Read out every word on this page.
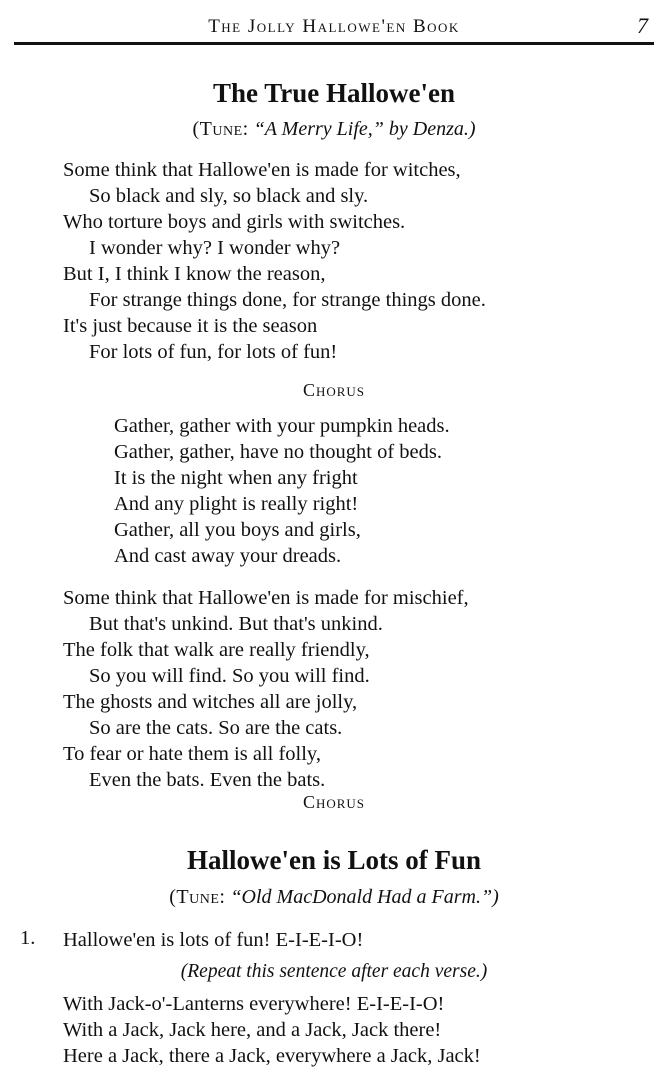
The Jolly Hallowe'en Book	7
The True Hallowe'en
(Tune: “A Merry Life,” by Denza.)
Some think that Hallowe'en is made for witches,
So black and sly, so black and sly.
Who torture boys and girls with switches.
I wonder why? I wonder why?
But I, I think I know the reason,
For strange things done, for strange things done.
It's just because it is the season
For lots of fun, for lots of fun!
Chorus
Gather, gather with your pumpkin heads.
Gather, gather, have no thought of beds.
It is the night when any fright
And any plight is really right!
Gather, all you boys and girls,
And cast away your dreads.
Some think that Hallowe'en is made for mischief,
But that's unkind. But that's unkind.
The folk that walk are really friendly,
So you will find. So you will find.
The ghosts and witches all are jolly,
So are the cats. So are the cats.
To fear or hate them is all folly,
Even the bats. Even the bats.
Chorus
Hallowe'en is Lots of Fun
(Tune: “Old MacDonald Had a Farm.”)
1. Hallowe'en is lots of fun! E-I-E-I-O!
(Repeat this sentence after each verse.)
With Jack-o'-Lanterns everywhere! E-I-E-I-O!
With a Jack, Jack here, and a Jack, Jack there!
Here a Jack, there a Jack, everywhere a Jack, Jack!
